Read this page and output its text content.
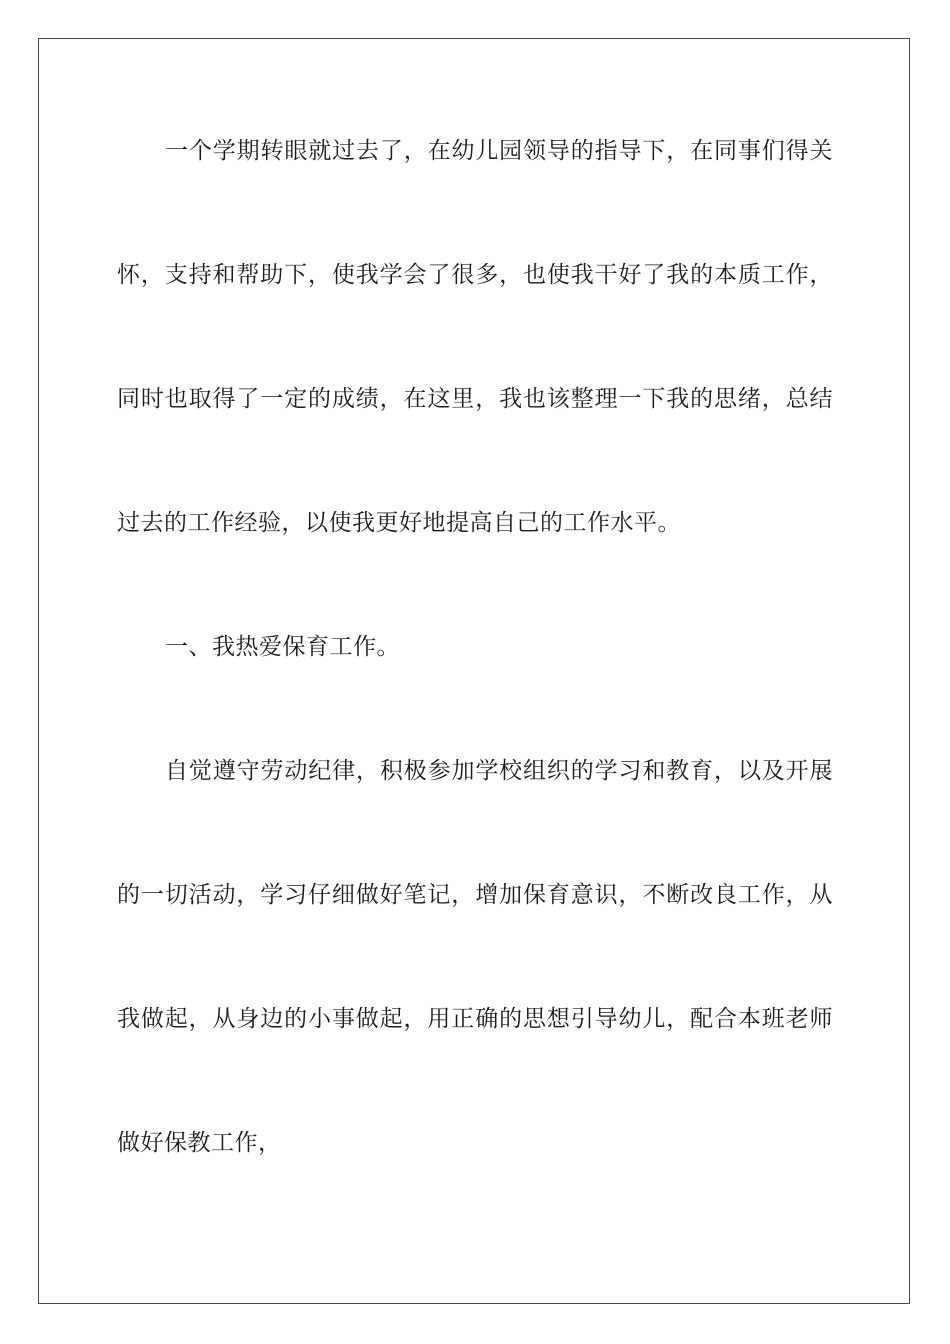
一个学期转眼就过去了，在幼儿园领导的指导下，在同事们得关
怀，支持和帮助下，使我学会了很多，也使我干好了我的本质工作，
同时也取得了一定的成绩，在这里，我也该整理一下我的思绪，总结
过去的工作经验，以使我更好地提高自己的工作水平。
一、我热爱保育工作。
自觉遵守劳动纪律，积极参加学校组织的学习和教育，以及开展
的一切活动，学习仔细做好笔记，增加保育意识，不断改良工作，从
我做起，从身边的小事做起，用正确的思想引导幼儿，配合本班老师
做好保教工作，
